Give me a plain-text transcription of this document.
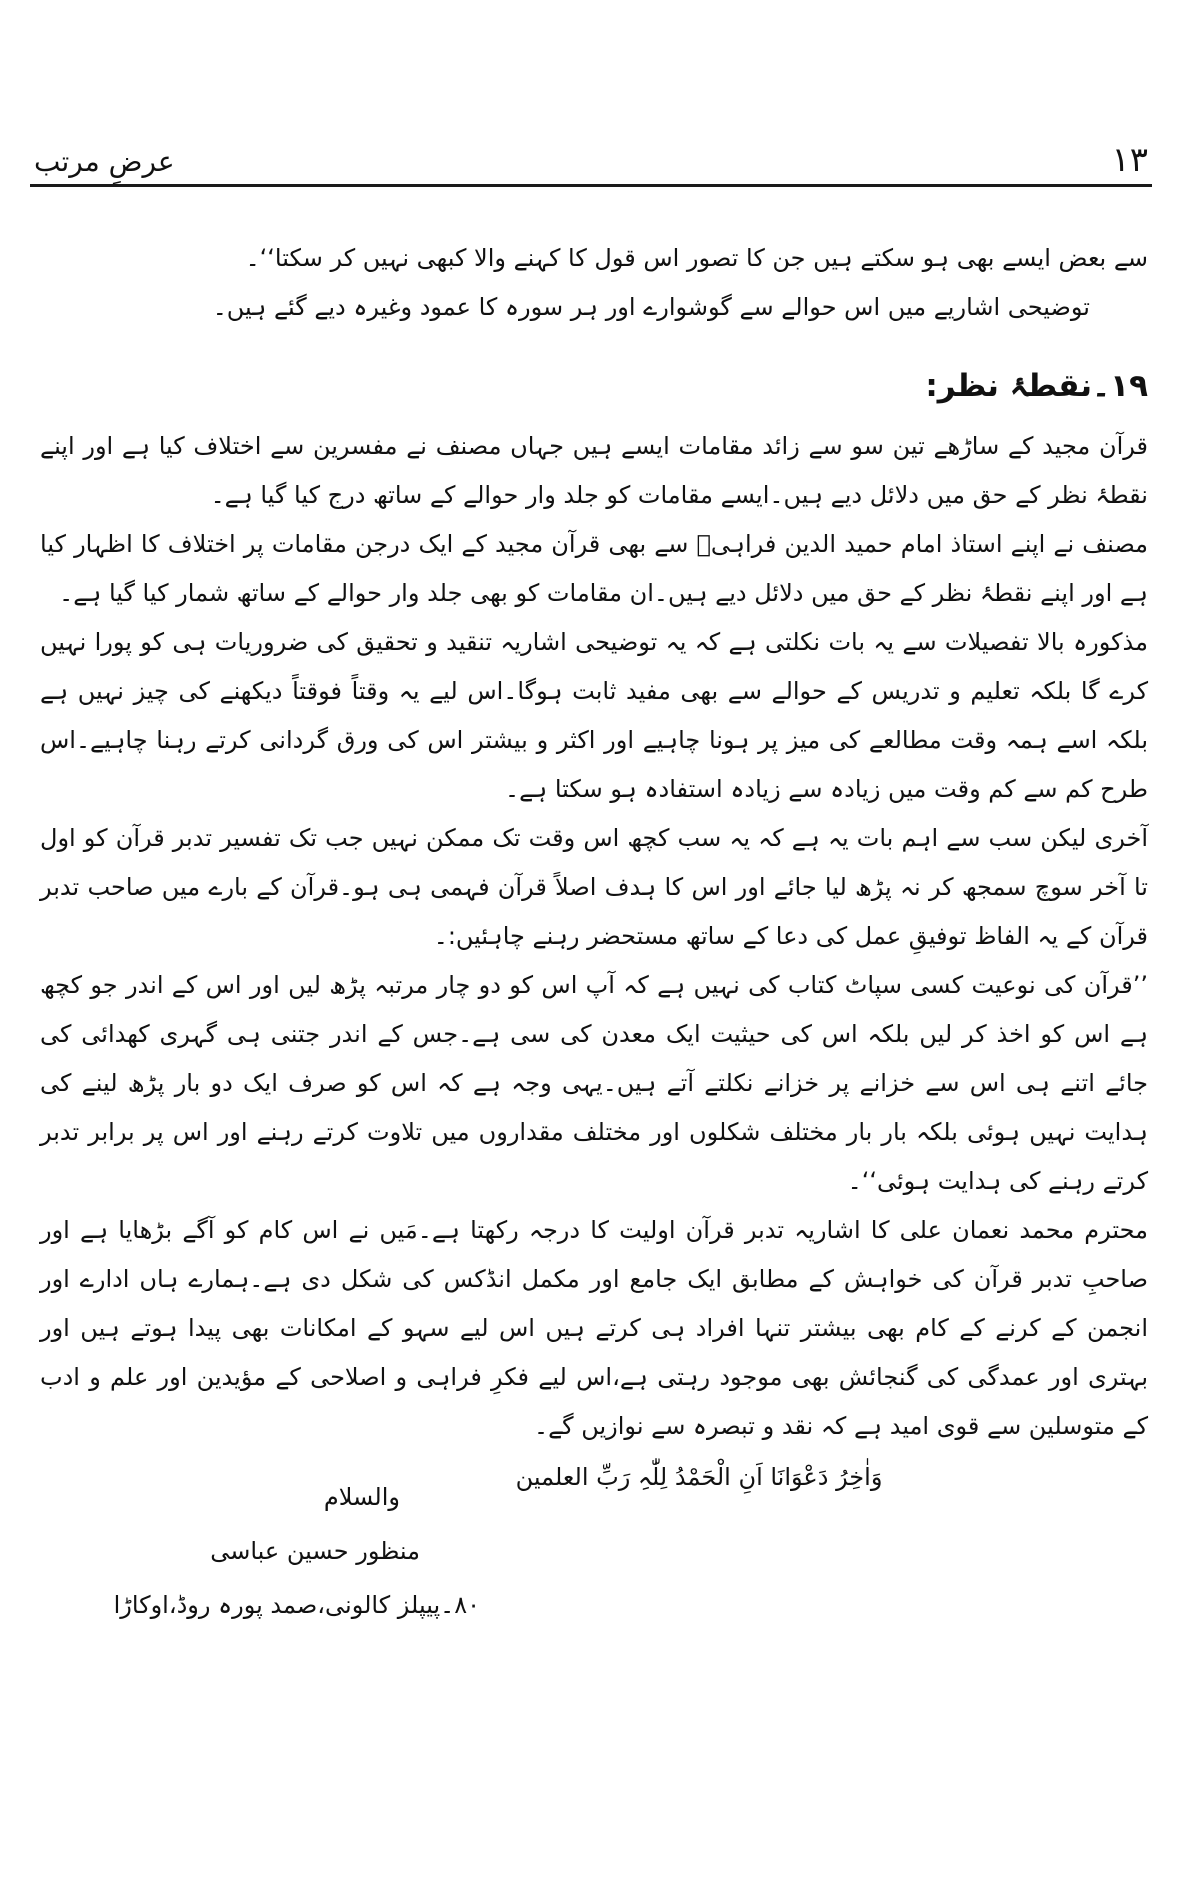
۱۳
عرضِ مرتب

سے بعض ایسے بھی ہو سکتے ہیں جن کا تصور اس قول کا کہنے والا کبھی نہیں کر سکتا‘‘۔

توضیحی اشاریے میں اس حوالے سے گوشوارے اور ہر سورہ کا عمود وغیرہ دیے گئے ہیں۔

۱۹۔نقطۂ نظر:

قرآن مجید کے ساڑھے تین سو سے زائد مقامات ایسے ہیں جہاں مصنف نے مفسرین سے اختلاف کیا ہے اور اپنے نقطۂ نظر کے حق میں دلائل دیے ہیں۔ایسے مقامات کو جلد وار حوالے کے ساتھ درج کیا گیا ہے۔

مصنف نے اپنے استاذ امام حمید الدین فراہیؒ سے بھی قرآن مجید کے ایک درجن مقامات پر اختلاف کا اظہار کیا ہے اور اپنے نقطۂ نظر کے حق میں دلائل دیے ہیں۔ان مقامات کو بھی جلد وار حوالے کے ساتھ شمار کیا گیا ہے۔

مذکورہ بالا تفصیلات سے یہ بات نکلتی ہے کہ یہ توضیحی اشاریہ تنقید و تحقیق کی ضروریات ہی کو پورا نہیں کرے گا بلکہ تعلیم و تدریس کے حوالے سے بھی مفید ثابت ہوگا۔اس لیے یہ وقتاً فوقتاً دیکھنے کی چیز نہیں ہے بلکہ اسے ہمہ وقت مطالعے کی میز پر ہونا چاہیے اور اکثر و بیشتر اس کی ورق گردانی کرتے رہنا چاہیے۔اس طرح کم سے کم وقت میں زیادہ سے زیادہ استفادہ ہو سکتا ہے۔

آخری لیکن سب سے اہم بات یہ ہے کہ یہ سب کچھ اس وقت تک ممکن نہیں جب تک تفسیر تدبر قرآن کو اول تا آخر سوچ سمجھ کر نہ پڑھ لیا جائے اور اس کا ہدف اصلاً قرآن فہمی ہی ہو۔قرآن کے بارے میں صاحب تدبر قرآن کے یہ الفاظ توفیقِ عمل کی دعا کے ساتھ مستحضر رہنے چاہئیں:۔

’’قرآن کی نوعیت کسی سپاٹ کتاب کی نہیں ہے کہ آپ اس کو دو چار مرتبہ پڑھ لیں اور اس کے اندر جو کچھ ہے اس کو اخذ کر لیں بلکہ اس کی حیثیت ایک معدن کی سی ہے۔جس کے اندر جتنی ہی گہری کھدائی کی جائے اتنے ہی اس سے خزانے پر خزانے نکلتے آتے ہیں۔یہی وجہ ہے کہ اس کو صرف ایک دو بار پڑھ لینے کی ہدایت نہیں ہوئی بلکہ بار بار مختلف شکلوں اور مختلف مقداروں میں تلاوت کرتے رہنے اور اس پر برابر تدبر کرتے رہنے کی ہدایت ہوئی‘‘۔

محترم محمد نعمان علی کا اشاریہ تدبر قرآن اولیت کا درجہ رکھتا ہے۔مَیں نے اس کام کو آگے بڑھایا ہے اور صاحبِ تدبر قرآن کی خواہش کے مطابق ایک جامع اور مکمل انڈکس کی شکل دی ہے۔ہمارے ہاں ادارے اور انجمن کے کرنے کے کام بھی بیشتر تنہا افراد ہی کرتے ہیں اس لیے سہو کے امکانات بھی پیدا ہوتے ہیں اور بہتری اور عمدگی کی گنجائش بھی موجود رہتی ہے،اس لیے فکرِ فراہی و اصلاحی کے مؤیدین اور علم و ادب کے متوسلین سے قوی امید ہے کہ نقد و تبصرہ سے نوازیں گے۔

وَاٰخِرُ دَعْوَانَا اَنِ الْحَمْدُ لِلّٰہِ رَبِّ العلمین
والسلام
منظور حسین عباسی
۸۰۔پیپلز کالونی،صمد پورہ روڈ،اوکاڑا
